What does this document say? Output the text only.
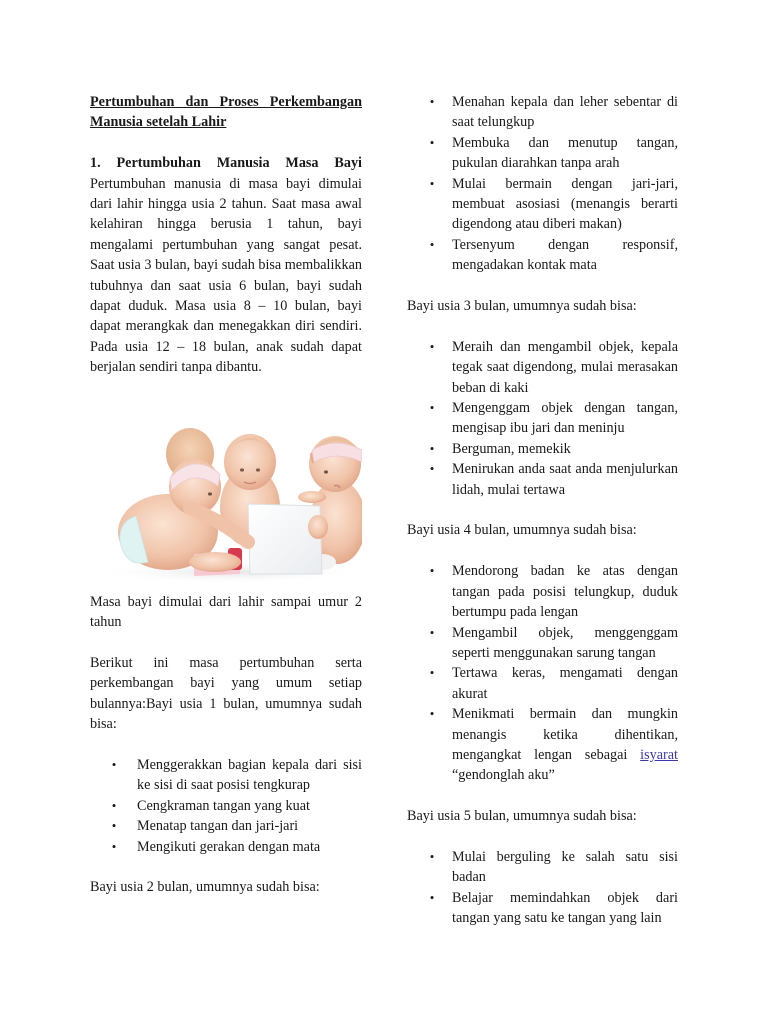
Pertumbuhan dan Proses Perkembangan Manusia setelah Lahir

1. Pertumbuhan Manusia Masa Bayi
Pertumbuhan manusia di masa bayi dimulai dari lahir hingga usia 2 tahun. Saat masa awal kelahiran hingga berusia 1 tahun, bayi mengalami pertumbuhan yang sangat pesat. Saat usia 3 bulan, bayi sudah bisa membalikkan tubuhnya dan saat usia 6 bulan, bayi sudah dapat duduk. Masa usia 8 – 10 bulan, bayi dapat merangkak dan menegakkan diri sendiri. Pada usia 12 – 18 bulan, anak sudah dapat berjalan sendiri tanpa dibantu.

Masa bayi dimulai dari lahir sampai umur 2 tahun

Berikut ini masa pertumbuhan serta perkembangan bayi yang umum setiap bulannya:Bayi usia 1 bulan, umumnya sudah bisa:

• Menggerakkan bagian kepala dari sisi ke sisi di saat posisi tengkurap
• Cengkraman tangan yang kuat
• Menatap tangan dan jari-jari
• Mengikuti gerakan dengan mata

Bayi usia 2 bulan, umumnya sudah bisa:

• Menahan kepala dan leher sebentar di saat telungkup
• Membuka dan menutup tangan, pukulan diarahkan tanpa arah
• Mulai bermain dengan jari-jari, membuat asosiasi (menangis berarti digendong atau diberi makan)
• Tersenyum dengan responsif, mengadakan kontak mata

Bayi usia 3 bulan, umumnya sudah bisa:

• Meraih dan mengambil objek, kepala tegak saat digendong, mulai merasakan beban di kaki
• Mengenggam objek dengan tangan, mengisap ibu jari dan meninju
• Berguman, memekik
• Menirukan anda saat anda menjulurkan lidah, mulai tertawa

Bayi usia 4 bulan, umumnya sudah bisa:

• Mendorong badan ke atas dengan tangan pada posisi telungkup, duduk bertumpu pada lengan
• Mengambil objek, menggenggam seperti menggunakan sarung tangan
• Tertawa keras, mengamati dengan akurat
• Menikmati bermain dan mungkin menangis ketika dihentikan, mengangkat lengan sebagai isyarat “gendonglah aku”

Bayi usia 5 bulan, umumnya sudah bisa:

• Mulai berguling ke salah satu sisi badan
• Belajar memindahkan objek dari tangan yang satu ke tangan yang lain
